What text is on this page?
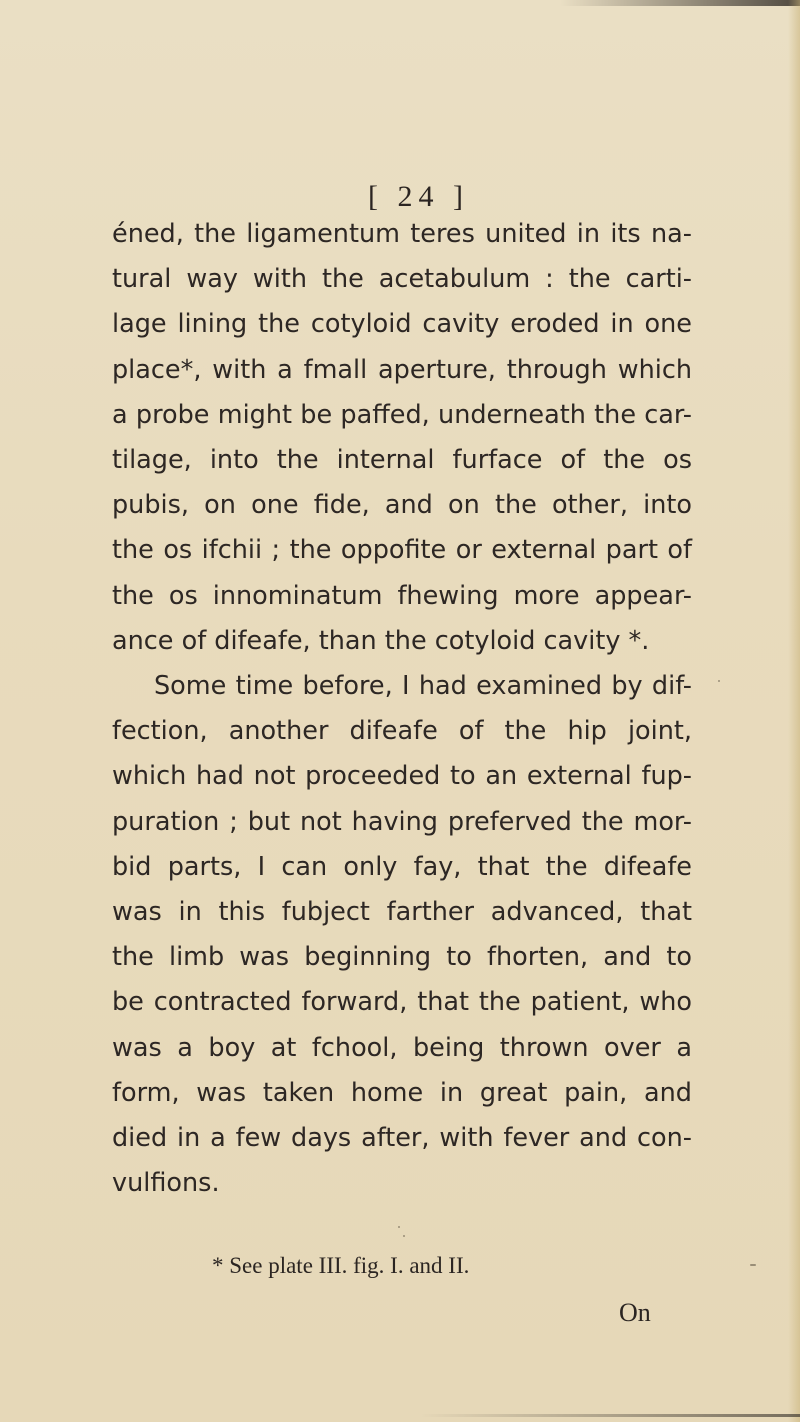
[ 24 ]
éned, the ligamentum teres united in its na-
tural way with the acetabulum : the carti-
lage lining the cotyloid cavity eroded in one
place*, with a fmall aperture, through which
a probe might be paffed, underneath the car-
tilage, into the internal furface of the os
pubis, on one fide, and on the other, into
the os ifchii ; the oppofite or external part of
the os innominatum fhewing more appear-
ance of difeafe, than the cotyloid cavity *.
Some time before, I had examined by dif-
fection, another difeafe of the hip joint,
which had not proceeded to an external fup-
puration ; but not having preferved the mor-
bid parts, I can only fay, that the difeafe
was in this fubject farther advanced, that
the limb was beginning to fhorten, and to
be contracted forward, that the patient, who
was a boy at fchool, being thrown over a
form, was taken home in great pain, and
died in a few days after, with fever and con-
vulfions.
* See plate III. fig. I. and II.
On
